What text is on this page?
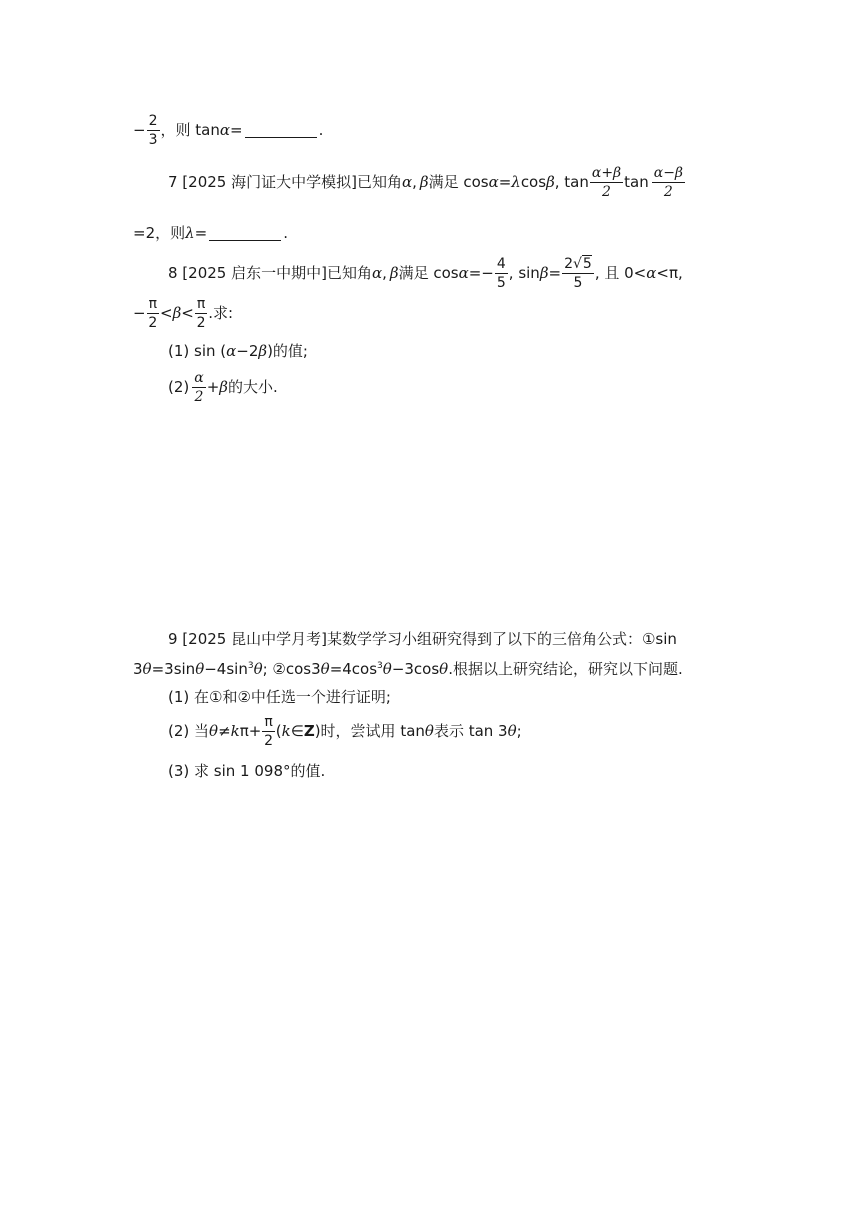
− $\frac{2}{3}$ ，则 tan α =	.
7 [2025 海门证大中学模拟]已知角 α , β 满足 cos α = λ cos β , $\tan \frac{\alpha+\beta}{2}$ $\tan \frac{\alpha-\beta}{2}$
=2，则 λ =	.
8 [2025 启东一中期中]已知角 α , β 满足 $\cos \alpha =- \frac{4}{5}$ , $\sin \beta = \frac{2√5}{5}$ , 且 0< α <π,
− $\frac{\pi}{2} < \beta < \frac{\pi}{2}$ .求:
(1) sin ( α −2 β )的值;
$(2) \frac{\alpha}{2} + \beta$ 的大小.
9 [2025 昆山中学月考]某数学学习小组研究得到了以下的三倍角公式：①sin
3 θ =3sin θ −4sin 3 θ ; ②cos3 θ =4cos 3 θ −3cos θ .根据以上研究结论，研究以下问题.
(1) 在①和②中任选一个进行证明;
(2) 当 θ ≠ k $\pi+ \frac{\pi}{2}$ ( k ∈ Z )时，尝试用 tan θ 表示 tan 3 θ ;
(3) 求 sin 1 098°的值.
